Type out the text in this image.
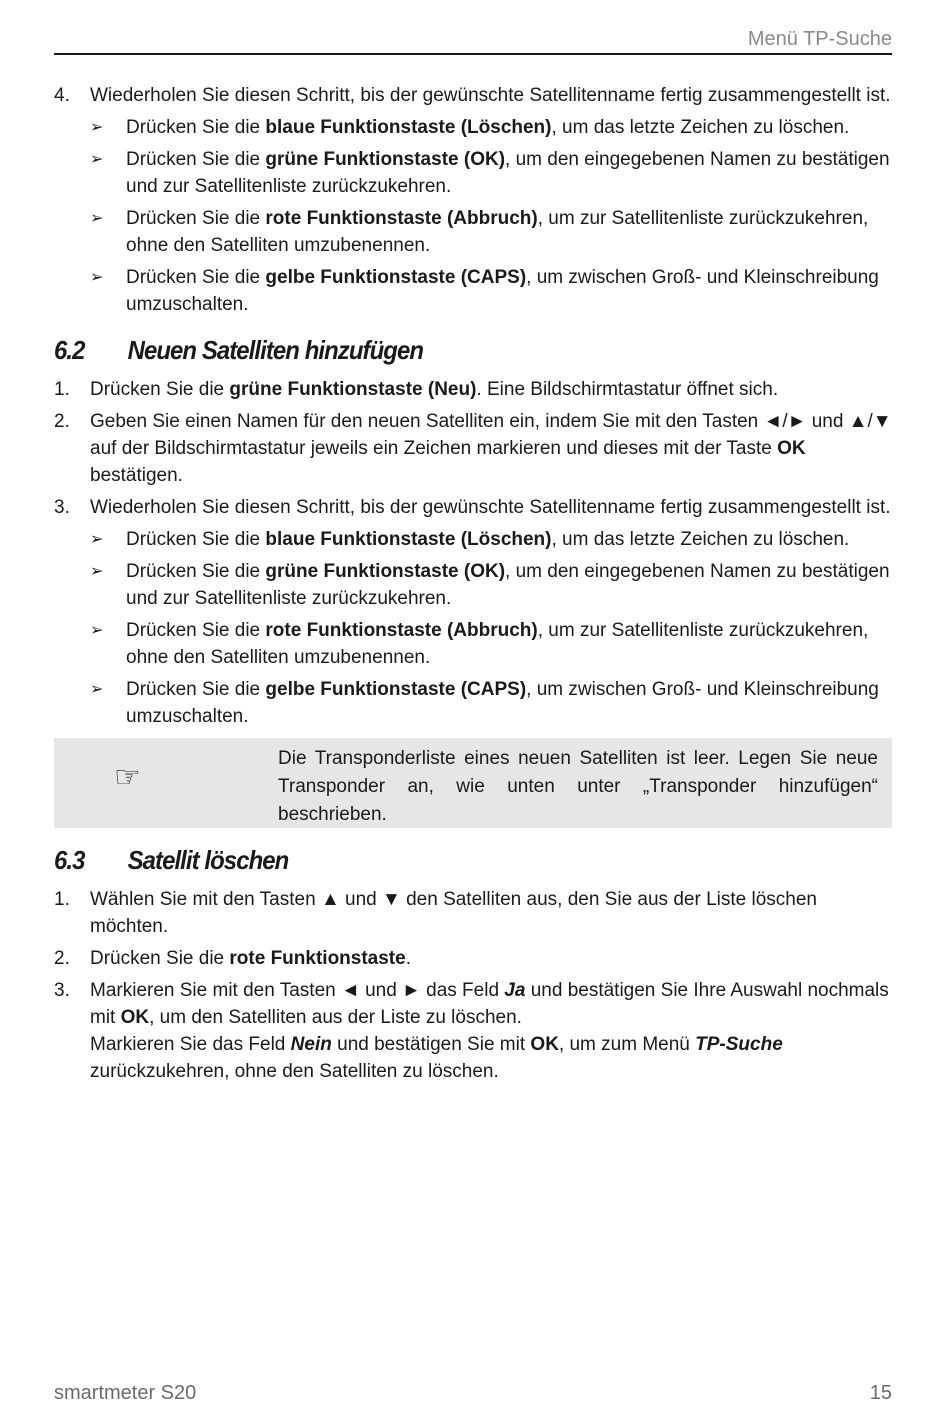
Menü TP-Suche
4. Wiederholen Sie diesen Schritt, bis der gewünschte Satellitenname fertig zusammengestellt ist.
➢ Drücken Sie die blaue Funktionstaste (Löschen), um das letzte Zeichen zu löschen.
➢ Drücken Sie die grüne Funktionstaste (OK), um den eingegebenen Namen zu bestätigen und zur Satellitenliste zurückzukehren.
➢ Drücken Sie die rote Funktionstaste (Abbruch), um zur Satellitenliste zurückzukehren, ohne den Satelliten umzubenennen.
➢ Drücken Sie die gelbe Funktionstaste (CAPS), um zwischen Groß- und Kleinschreibung umzuschalten.
6.2 Neuen Satelliten hinzufügen
1. Drücken Sie die grüne Funktionstaste (Neu). Eine Bildschirmtastatur öffnet sich.
2. Geben Sie einen Namen für den neuen Satelliten ein, indem Sie mit den Tasten ◄/► und ▲/▼ auf der Bildschirmtastatur jeweils ein Zeichen markieren und dieses mit der Taste OK bestätigen.
3. Wiederholen Sie diesen Schritt, bis der gewünschte Satellitenname fertig zusammengestellt ist.
➢ Drücken Sie die blaue Funktionstaste (Löschen), um das letzte Zeichen zu löschen.
➢ Drücken Sie die grüne Funktionstaste (OK), um den eingegebenen Namen zu bestätigen und zur Satellitenliste zurückzukehren.
➢ Drücken Sie die rote Funktionstaste (Abbruch), um zur Satellitenliste zurückzukehren, ohne den Satelliten umzubenennen.
➢ Drücken Sie die gelbe Funktionstaste (CAPS), um zwischen Groß- und Kleinschreibung umzuschalten.
☞
Die Transponderliste eines neuen Satelliten ist leer. Legen Sie neue Transponder an, wie unten unter „Transponder hinzufügen“ beschrieben.
6.3 Satellit löschen
1. Wählen Sie mit den Tasten ▲ und ▼ den Satelliten aus, den Sie aus der Liste löschen möchten.
2. Drücken Sie die rote Funktionstaste.
3. Markieren Sie mit den Tasten ◄ und ► das Feld Ja und bestätigen Sie Ihre Auswahl nochmals mit OK, um den Satelliten aus der Liste zu löschen.
Markieren Sie das Feld Nein und bestätigen Sie mit OK, um zum Menü TP-Suche zurückzukehren, ohne den Satelliten zu löschen.
smartmeter S20	15
